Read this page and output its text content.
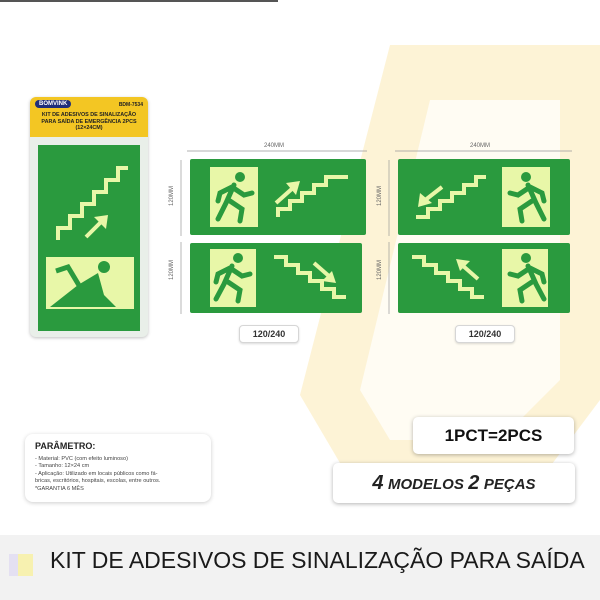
BOMVINK	BDM-7534
KIT DE ADESIVOS DE SINALIZAÇÃO PARA SAÍDA DE EMERGÊNCIA 2PCS (12×24CM)
240MM	240MM
120MM
120MM
120MM
120MM
120/240	120/240
PARÂMETRO:
- Material: PVC (com efeito luminoso)
- Tamanho: 12×24 cm
- Aplicação: Utilizado em locais públicos como fá-
bricas, escritórios, hospitais, escolas, entre outros.
*GARANTIA 6 MÊS
1PCT=2PCS
4 MODELOS 2 PEÇAS
KIT DE ADESIVOS DE SINALIZAÇÃO PARA SAÍDA
